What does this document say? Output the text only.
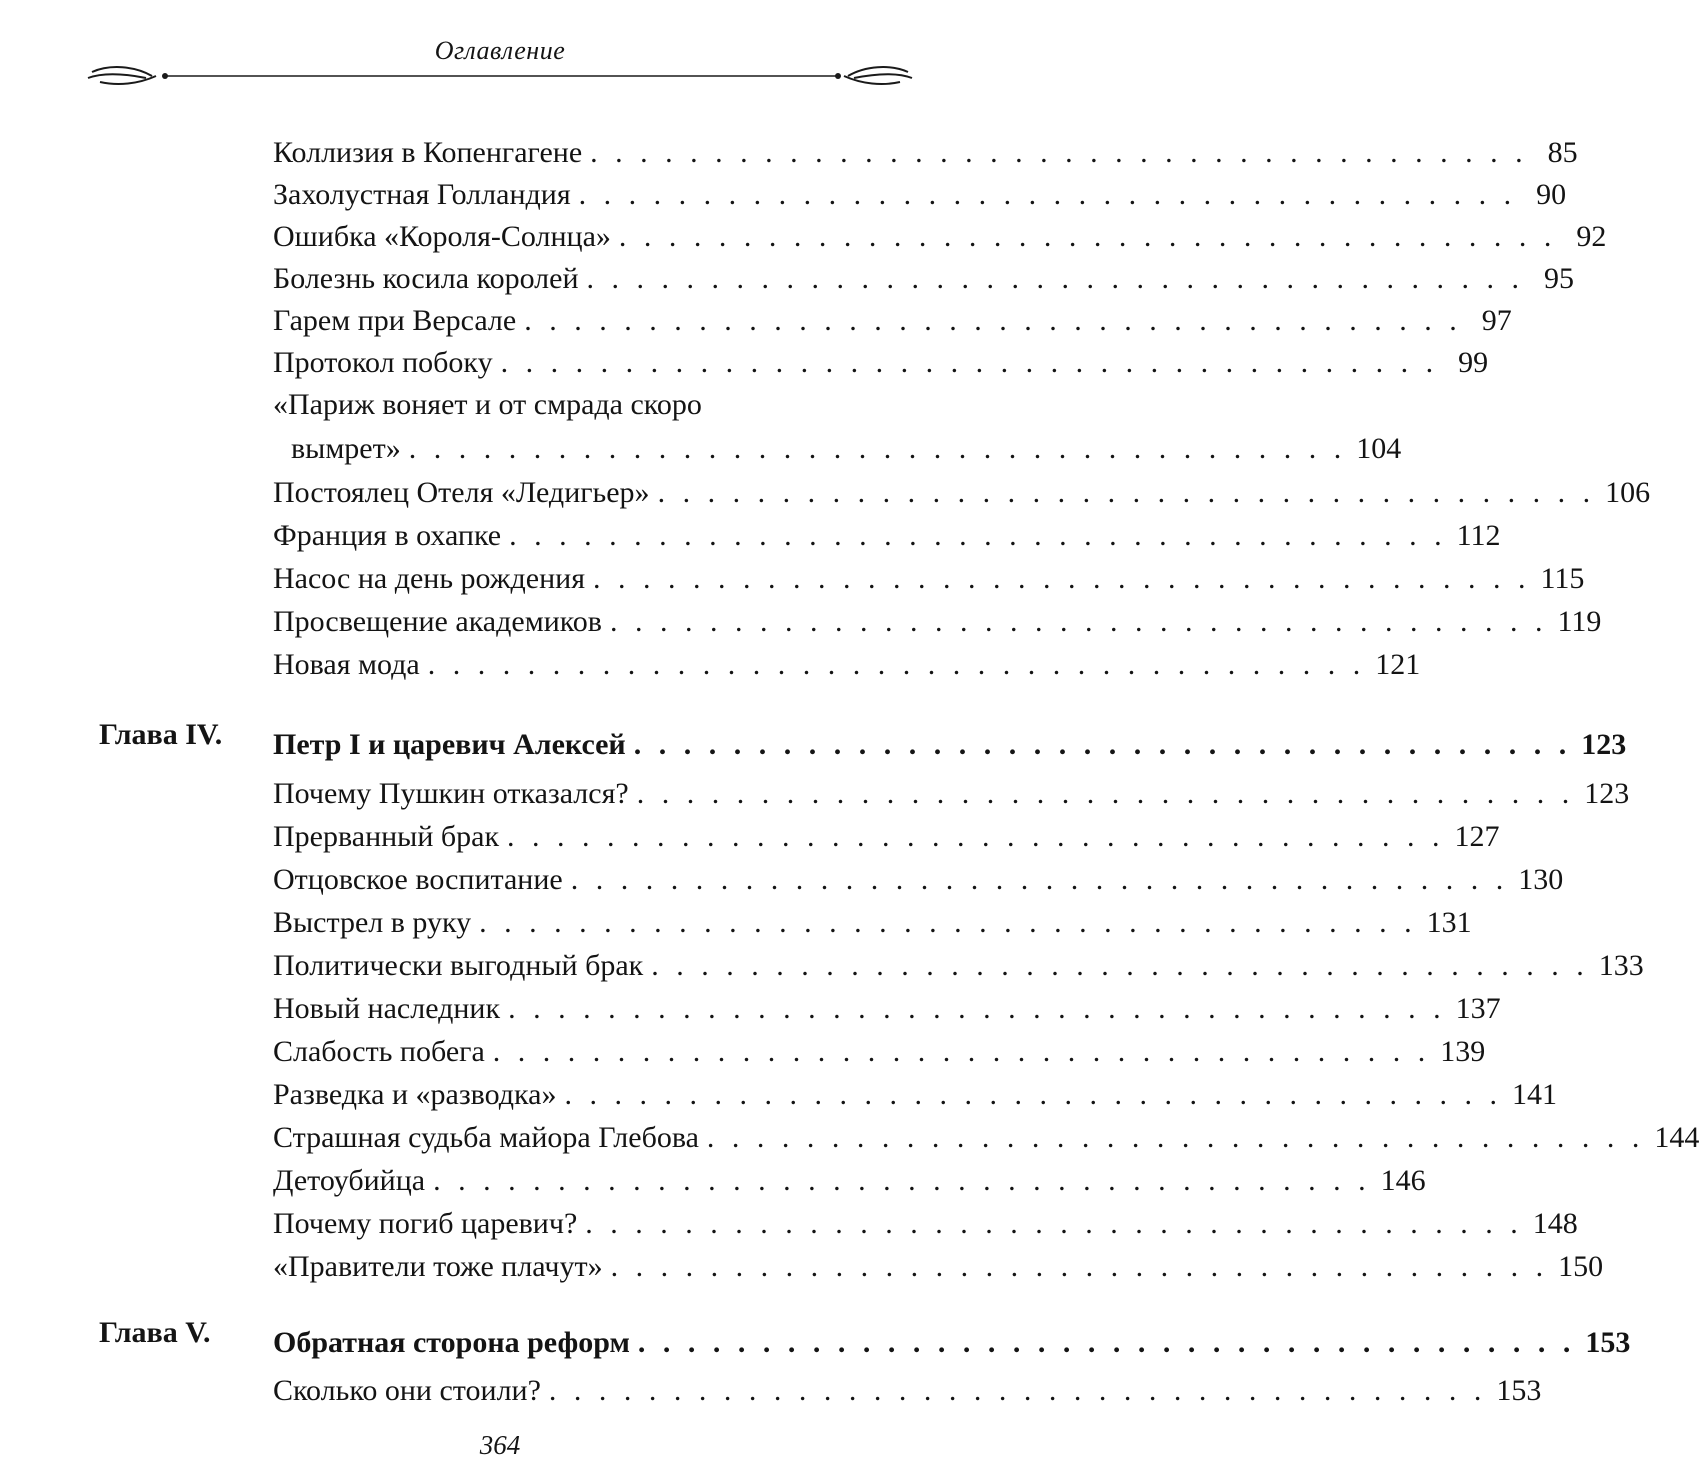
Оглавление
Коллизия в Копенгагене . . . . . . . . . . . . . . . . . . . . . . . . . . . . . . . . . . . . . . 85
Захолустная Голландия . . . . . . . . . . . . . . . . . . . . . . . . . . . . . . . . . . . . . . 90
Ошибка «Короля-Солнца» . . . . . . . . . . . . . . . . . . . . . . . . . . . . . . . . . . . . . . 92
Болезнь косила королей . . . . . . . . . . . . . . . . . . . . . . . . . . . . . . . . . . . . . . 95
Гарем при Версале . . . . . . . . . . . . . . . . . . . . . . . . . . . . . . . . . . . . . . 97
Протокол побоку . . . . . . . . . . . . . . . . . . . . . . . . . . . . . . . . . . . . . . 99
«Париж воняет и от смрада скоро
вымрет» . . . . . . . . . . . . . . . . . . . . . . . . . . . . . . . . . . . . . . 104
Постоялец Отеля «Ледигьер» . . . . . . . . . . . . . . . . . . . . . . . . . . . . . . . . . . . . . . 106
Франция в охапке . . . . . . . . . . . . . . . . . . . . . . . . . . . . . . . . . . . . . . 112
Насос на день рождения . . . . . . . . . . . . . . . . . . . . . . . . . . . . . . . . . . . . . . 115
Просвещение академиков . . . . . . . . . . . . . . . . . . . . . . . . . . . . . . . . . . . . . . 119
Новая мода . . . . . . . . . . . . . . . . . . . . . . . . . . . . . . . . . . . . . . 121
Глава IV. Петр I и царевич Алексей . . . . . . . . . . . . . . . . . . . . . . . . . . . . . . . . . . . . . . 123
Почему Пушкин отказался? . . . . . . . . . . . . . . . . . . . . . . . . . . . . . . . . . . . . . . 123
Прерванный брак . . . . . . . . . . . . . . . . . . . . . . . . . . . . . . . . . . . . . . 127
Отцовское воспитание . . . . . . . . . . . . . . . . . . . . . . . . . . . . . . . . . . . . . . 130
Выстрел в руку . . . . . . . . . . . . . . . . . . . . . . . . . . . . . . . . . . . . . . 131
Политически выгодный брак . . . . . . . . . . . . . . . . . . . . . . . . . . . . . . . . . . . . . . 133
Новый наследник . . . . . . . . . . . . . . . . . . . . . . . . . . . . . . . . . . . . . . 137
Слабость побега . . . . . . . . . . . . . . . . . . . . . . . . . . . . . . . . . . . . . . 139
Разведка и «разводка» . . . . . . . . . . . . . . . . . . . . . . . . . . . . . . . . . . . . . . 141
Страшная судьба майора Глебова . . . . . . . . . . . . . . . . . . . . . . . . . . . . . . . . . . . . . . 144
Детоубийца . . . . . . . . . . . . . . . . . . . . . . . . . . . . . . . . . . . . . . 146
Почему погиб царевич? . . . . . . . . . . . . . . . . . . . . . . . . . . . . . . . . . . . . . . 148
«Правители тоже плачут» . . . . . . . . . . . . . . . . . . . . . . . . . . . . . . . . . . . . . . 150
Глава V. Обратная сторона реформ . . . . . . . . . . . . . . . . . . . . . . . . . . . . . . . . . . . . . . 153
Сколько они стоили? . . . . . . . . . . . . . . . . . . . . . . . . . . . . . . . . . . . . . . 153
364
